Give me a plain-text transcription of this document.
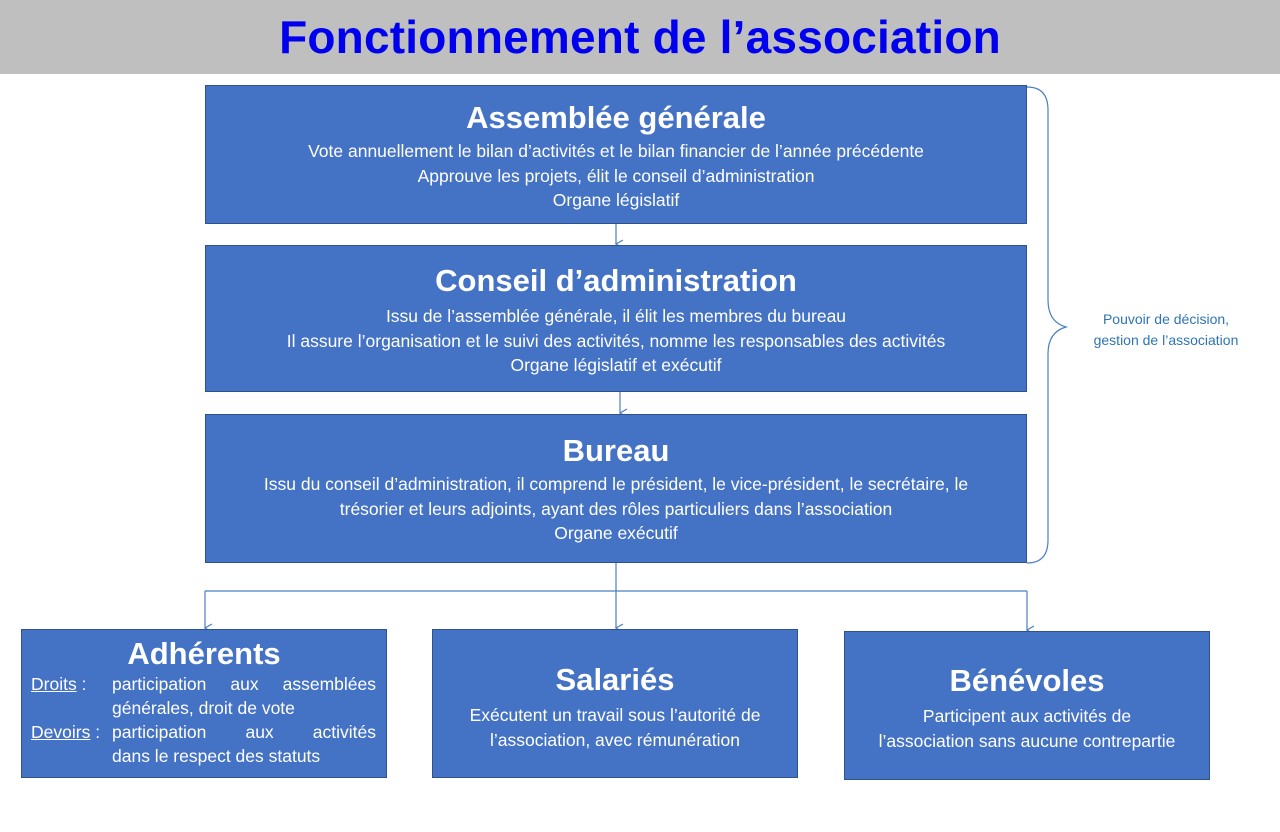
Fonctionnement de l’association
Assemblée générale
Vote annuellement le bilan d’activités et le bilan financier de l’année précédente
Approuve les projets, élit le conseil d’administration
Organe législatif
Conseil d’administration
Issu de l’assemblée générale, il élit les membres du bureau
Il assure l’organisation et le suivi des activités, nomme les responsables des activités
Organe législatif et exécutif
Bureau
Issu du conseil d’administration, il comprend le président, le vice-président, le secrétaire, le
trésorier et leurs adjoints, ayant des rôles particuliers dans l’association
Organe exécutif
Pouvoir de décision,
gestion de l’association
Adhérents
Droits :	participation aux assemblées
générales, droit de vote
Devoirs : participation aux activités
dans le respect des statuts
Salariés
Exécutent un travail sous l’autorité de
l’association, avec rémunération
Bénévoles
Participent aux activités de
l’association sans aucune contrepartie
